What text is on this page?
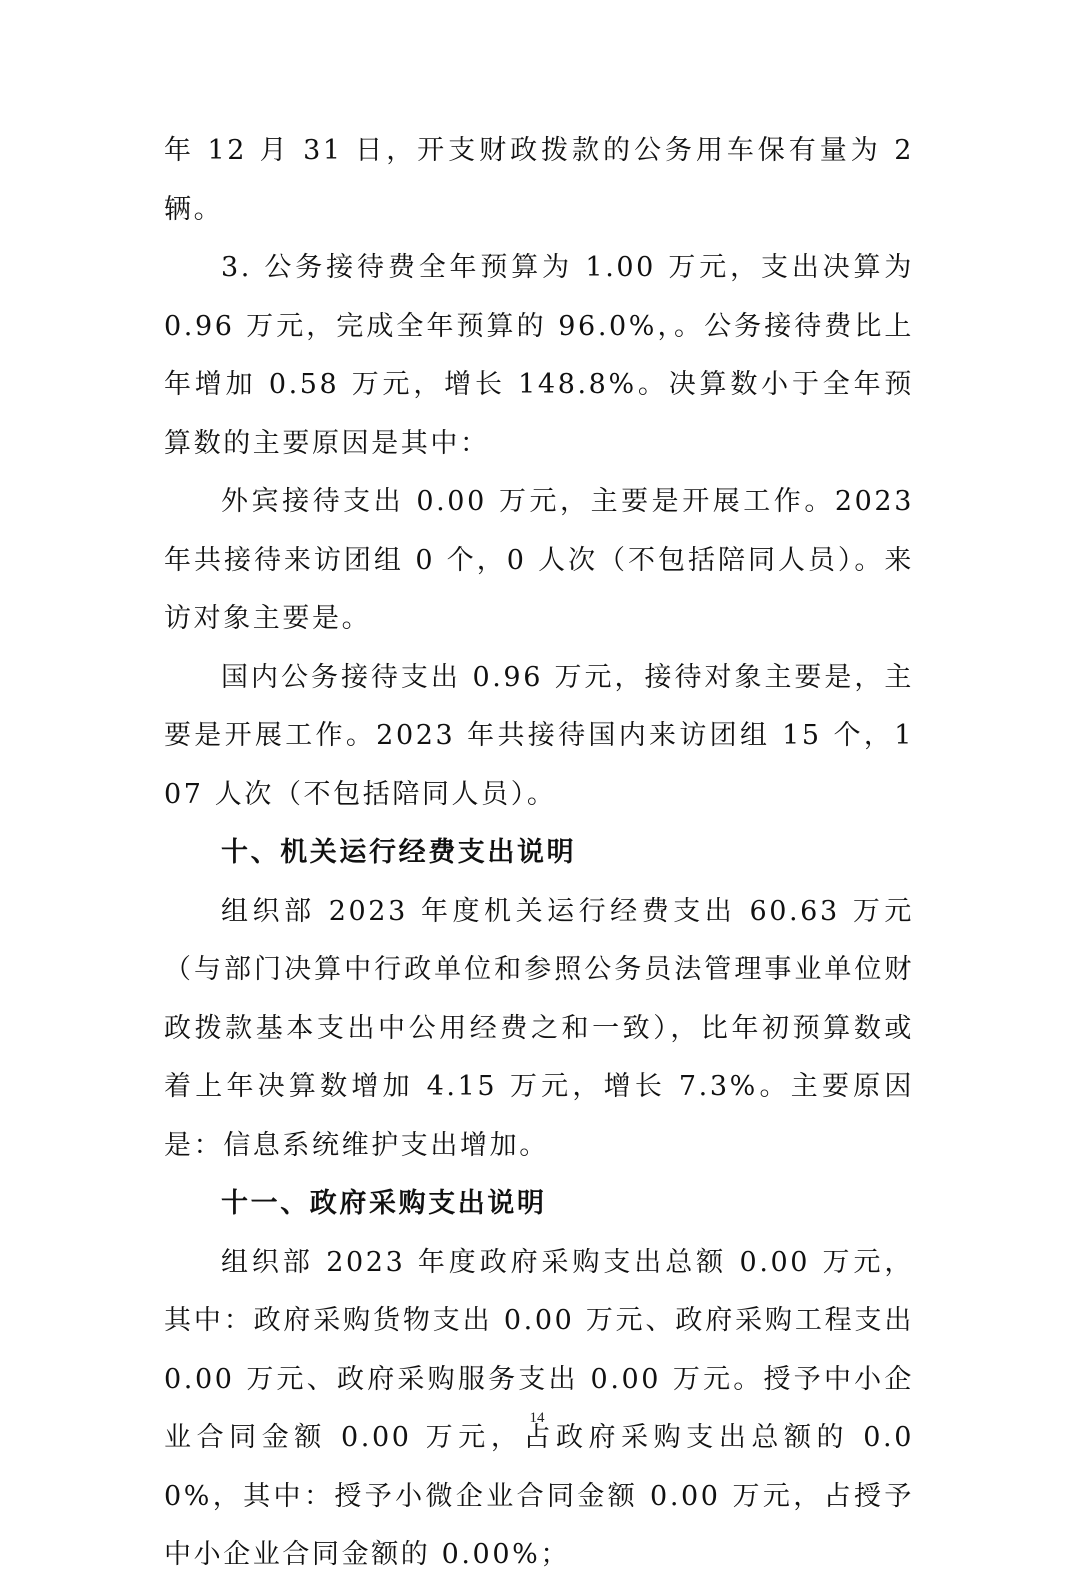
年 12 月 31 日，开支财政拨款的公务用车保有量为 2 辆。

3. 公务接待费全年预算为 1.00 万元，支出决算为 0.96 万元，完成全年预算的 96.0%，。公务接待费比上年增加 0.58 万元，增长 148.8%。决算数小于全年预算数的主要原因是其中：

外宾接待支出 0.00 万元，主要是开展工作。2023 年共接待来访团组 0 个，0 人次（不包括陪同人员）。来访对象主要是。

国内公务接待支出 0.96 万元，接待对象主要是，主要是开展工作。2023 年共接待国内来访团组 15 个，107 人次（不包括陪同人员）。

十、机关运行经费支出说明

组织部 2023 年度机关运行经费支出 60.63 万元（与部门决算中行政单位和参照公务员法管理事业单位财政拨款基本支出中公用经费之和一致），比年初预算数或着上年决算数增加 4.15 万元，增长 7.3%。主要原因是：信息系统维护支出增加。

十一、政府采购支出说明

组织部 2023 年度政府采购支出总额 0.00 万元，其中：政府采购货物支出 0.00 万元、政府采购工程支出 0.00 万元、政府采购服务支出 0.00 万元。授予中小企业合同金额 0.00 万元，占政府采购支出总额的 0.00%，其中：授予小微企业合同金额 0.00 万元，占授予中小企业合同金额的 0.00%；

14
